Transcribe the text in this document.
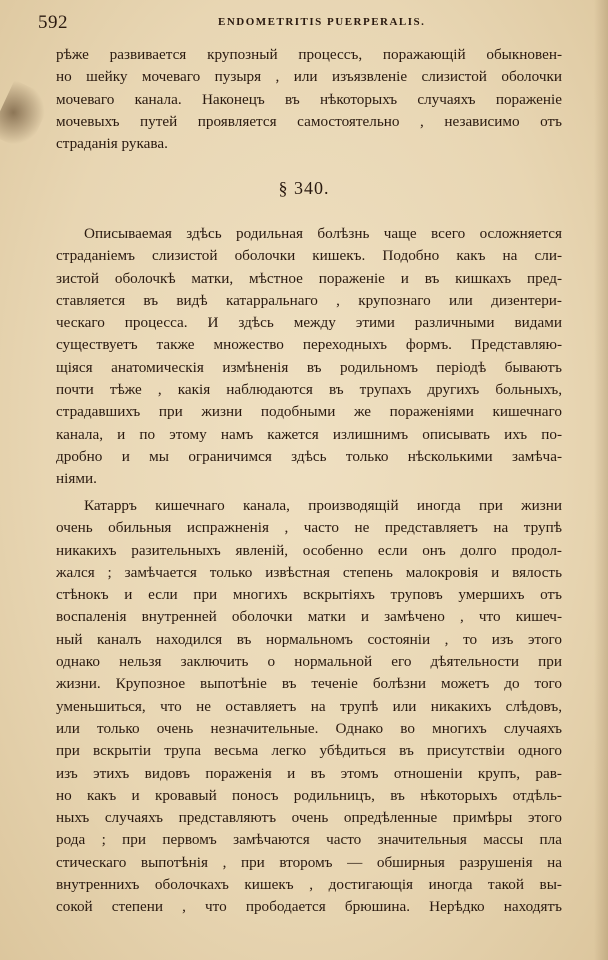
592	ENDOMETRITIS PUERPERALIS.
рѣже развивается крупозный процессъ, поражающій обыкновен-
но шейку мочеваго пузыря , или изъязвленіе слизистой оболочки
мочеваго канала. Наконецъ въ нѣкоторыхъ случаяхъ пораженіе
мочевыхъ путей проявляется самостоятельно , независимо отъ
страданія рукава.
§ 340.
Описываемая здѣсь родильная болѣзнь чаще всего осложняется
страданіемъ слизистой оболочки кишекъ. Подобно какъ на сли-
зистой оболочкѣ матки, мѣстное пораженіе и въ кишкахъ пред-
ставляется въ видѣ катарральнаго , крупознаго или дизентери-
ческаго процесса. И здѣсь между этими различными видами
существуетъ также множество переходныхъ формъ. Представляю-
щіяся анатомическія измѣненія въ родильномъ періодѣ бываютъ
почти тѣже , какія наблюдаются въ трупахъ другихъ больныхъ,
страдавшихъ при жизни подобными же пораженіями кишечнаго
канала, и по этому намъ кажется излишнимъ описывать ихъ по-
дробно и мы ограничимся здѣсь только нѣсколькими замѣча-
ніями.
Катарръ кишечнаго канала, производящій иногда при жизни
очень обильныя испражненія , часто не представляетъ на трупѣ
никакихъ разительныхъ явленій, особенно если онъ долго продол-
жался ; замѣчается только извѣстная степень малокровія и вялость
стѣнокъ и если при многихъ вскрытіяхъ труповъ умершихъ отъ
воспаленія внутренней оболочки матки и замѣчено , что кишеч-
ный каналъ находился въ нормальномъ состояніи , то изъ этого
однако нельзя заключить о нормальной его дѣятельности при
жизни. Крупозное выпотѣніе въ теченіе болѣзни можетъ до того
уменьшиться, что не оставляетъ на трупѣ или никакихъ слѣдовъ,
или только очень незначительные. Однако во многихъ случаяхъ
при вскрытіи трупа весьма легко убѣдиться въ присутствіи одного
изъ этихъ видовъ пораженія и въ этомъ отношеніи крупъ, рав-
но какъ и кровавый поносъ родильницъ, въ нѣкоторыхъ отдѣль-
ныхъ случаяхъ представляютъ очень опредѣленные примѣры этого
рода ; при первомъ замѣчаются часто значительныя массы пла
стическаго выпотѣнія , при второмъ — обширныя разрушенія на
внутреннихъ оболочкахъ кишекъ , достигающія иногда такой вы-
сокой степени , что прободается брюшина. Нерѣдко находятъ
